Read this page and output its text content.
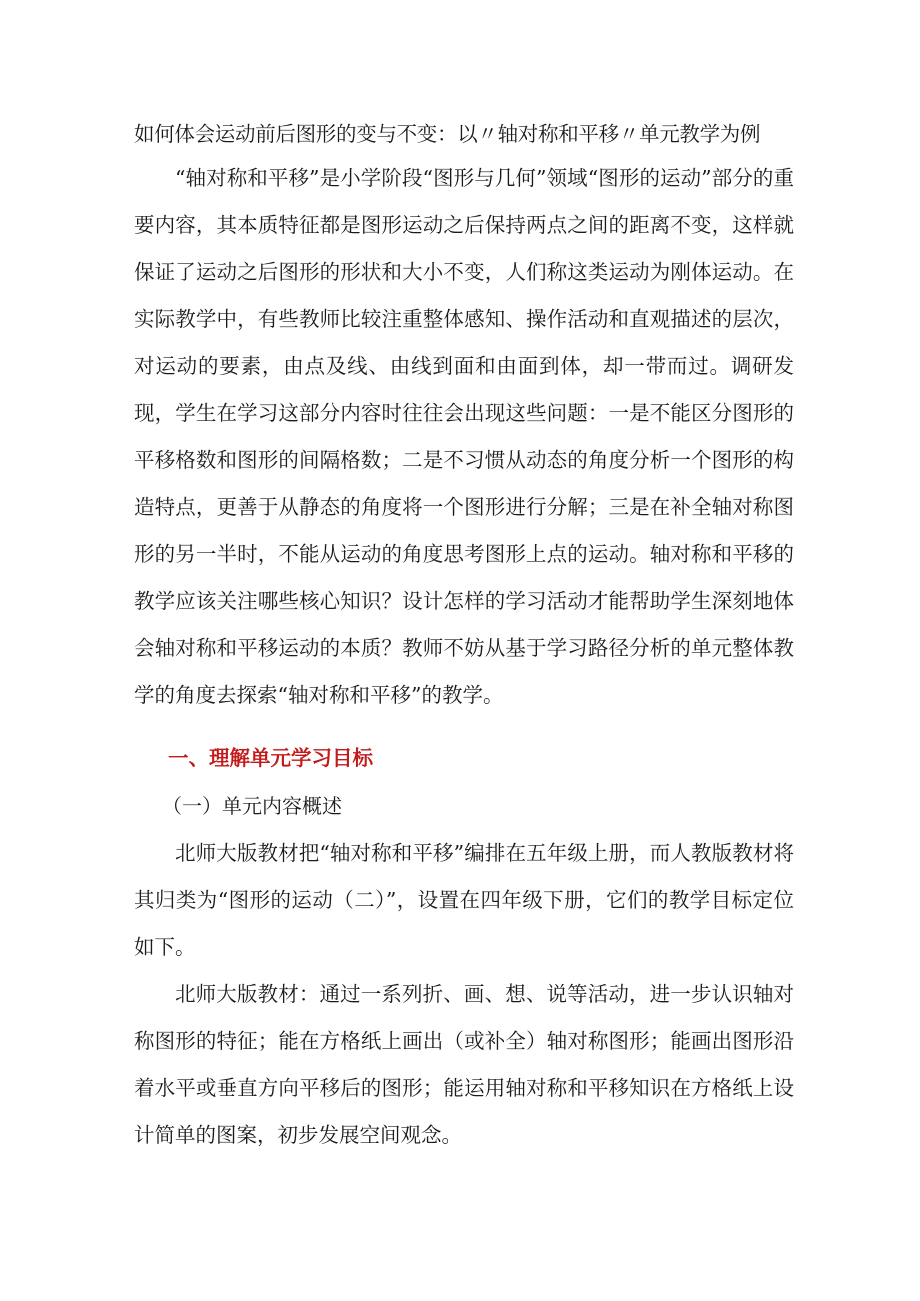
如何体会运动前后图形的变与不变：以〃轴对称和平移〃单元教学为例

“轴对称和平移”是小学阶段“图形与几何”领域“图形的运动”部分的重要内容，其本质特征都是图形运动之后保持两点之间的距离不变，这样就保证了运动之后图形的形状和大小不变，人们称这类运动为刚体运动。在实际教学中，有些教师比较注重整体感知、操作活动和直观描述的层次，对运动的要素，由点及线、由线到面和由面到体，却一带而过。调研发现，学生在学习这部分内容时往往会出现这些问题：一是不能区分图形的平移格数和图形的间隔格数；二是不习惯从动态的角度分析一个图形的构造特点，更善于从静态的角度将一个图形进行分解；三是在补全轴对称图形的另一半时，不能从运动的角度思考图形上点的运动。轴对称和平移的教学应该关注哪些核心知识？设计怎样的学习活动才能帮助学生深刻地体会轴对称和平移运动的本质？教师不妨从基于学习路径分析的单元整体教学的角度去探索“轴对称和平移”的教学。

一、理解单元学习目标
（一）单元内容概述

北师大版教材把“轴对称和平移”编排在五年级上册，而人教版教材将其归类为“图形的运动（二）”，设置在四年级下册，它们的教学目标定位如下。

北师大版教材：通过一系列折、画、想、说等活动，进一步认识轴对称图形的特征；能在方格纸上画出（或补全）轴对称图形；能画出图形沿着水平或垂直方向平移后的图形；能运用轴对称和平移知识在方格纸上设计简单的图案，初步发展空间观念。
